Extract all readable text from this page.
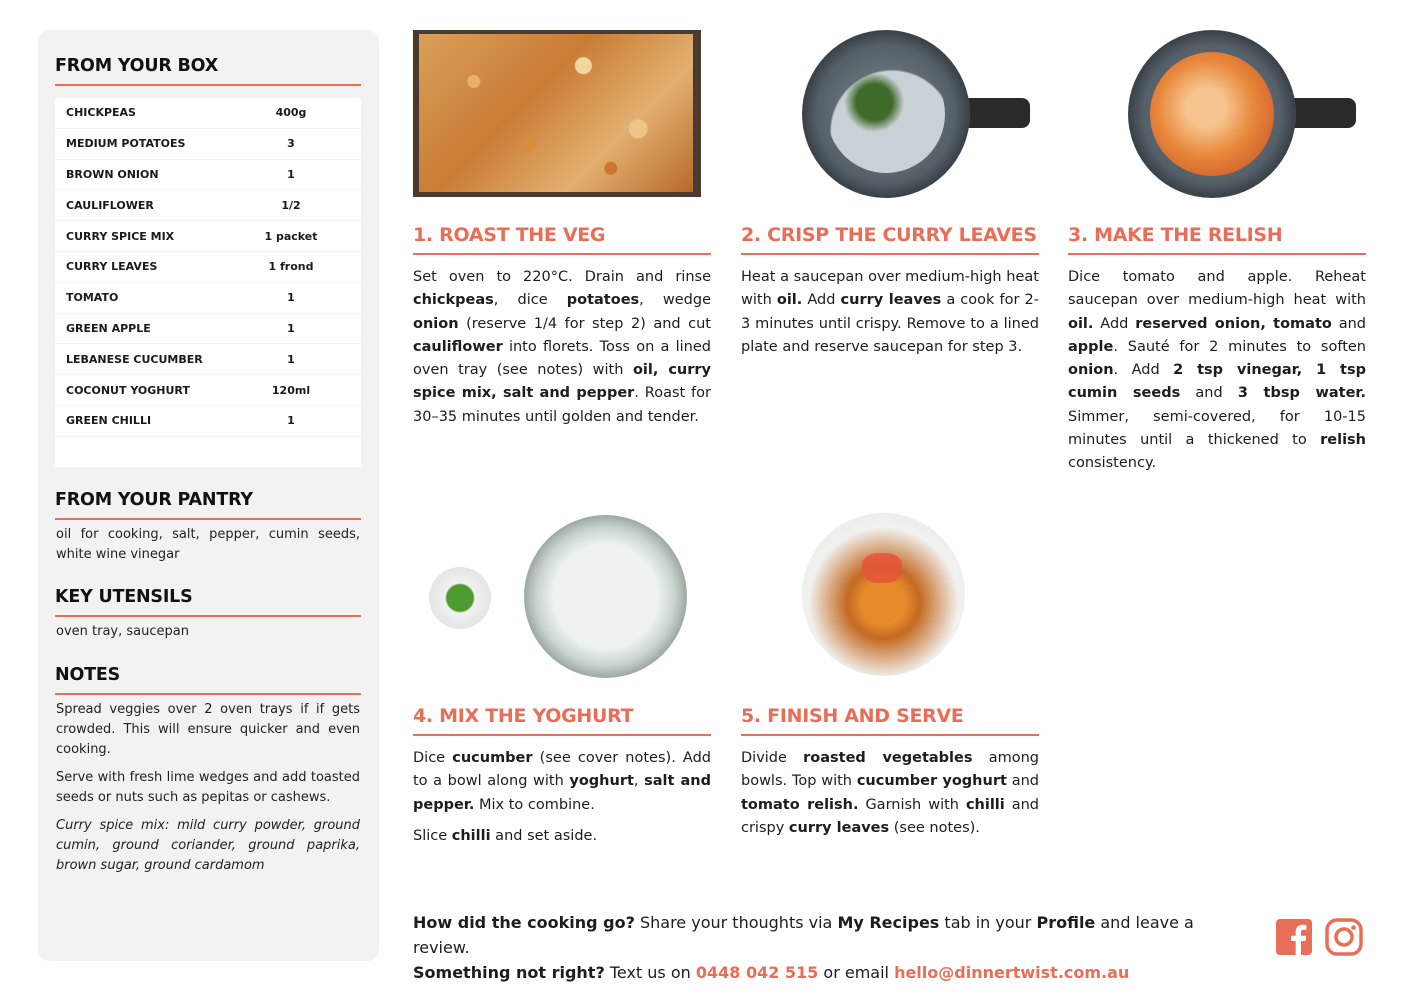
FROM YOUR BOX
CHICKPEAS	400g
MEDIUM POTATOES	3
BROWN ONION	1
CAULIFLOWER	1/2
CURRY SPICE MIX	1 packet
CURRY LEAVES	1 frond
TOMATO	1
GREEN APPLE	1
LEBANESE CUCUMBER	1
COCONUT YOGHURT	120ml
GREEN CHILLI	1
FROM YOUR PANTRY
oil for cooking, salt, pepper, cumin seeds, white wine vinegar
KEY UTENSILS
oven tray, saucepan
NOTES

Spread veggies over 2 oven trays if if gets crowded. This will ensure quicker and even cooking.

Serve with fresh lime wedges and add toasted seeds or nuts such as pepitas or cashews.

Curry spice mix: mild curry powder, ground cumin, ground coriander, ground paprika, brown sugar, ground cardamom

1. ROAST THE VEG

Set oven to 220°C. Drain and rinse chickpeas, dice potatoes, wedge onion (reserve 1/4 for step 2) and cut cauliflower into florets. Toss on a lined oven tray (see notes) with oil, curry spice mix, salt and pepper. Roast for 30–35 minutes until golden and tender.

2. CRISP THE CURRY LEAVES

Heat a saucepan over medium-high heat with oil. Add curry leaves a cook for 2-3 minutes until crispy. Remove to a lined plate and reserve saucepan for step 3.

3. MAKE THE RELISH

Dice tomato and apple. Reheat saucepan over medium-high heat with oil. Add reserved onion, tomato and apple. Sauté for 2 minutes to soften onion. Add 2 tsp vinegar, 1 tsp cumin seeds and 3 tbsp water. Simmer, semi-covered, for 10-15 minutes until a thickened to relish consistency.

4. MIX THE YOGHURT

Dice cucumber (see cover notes). Add to a bowl along with yoghurt, salt and pepper. Mix to combine.

Slice chilli and set aside.

5. FINISH AND SERVE

Divide roasted vegetables among bowls. Top with cucumber yoghurt and tomato relish. Garnish with chilli and crispy curry leaves (see notes).

How did the cooking go? Share your thoughts via My Recipes tab in your Profile and leave a review.
Something not right? Text us on 0448 042 515 or email hello@dinnertwist.com.au
